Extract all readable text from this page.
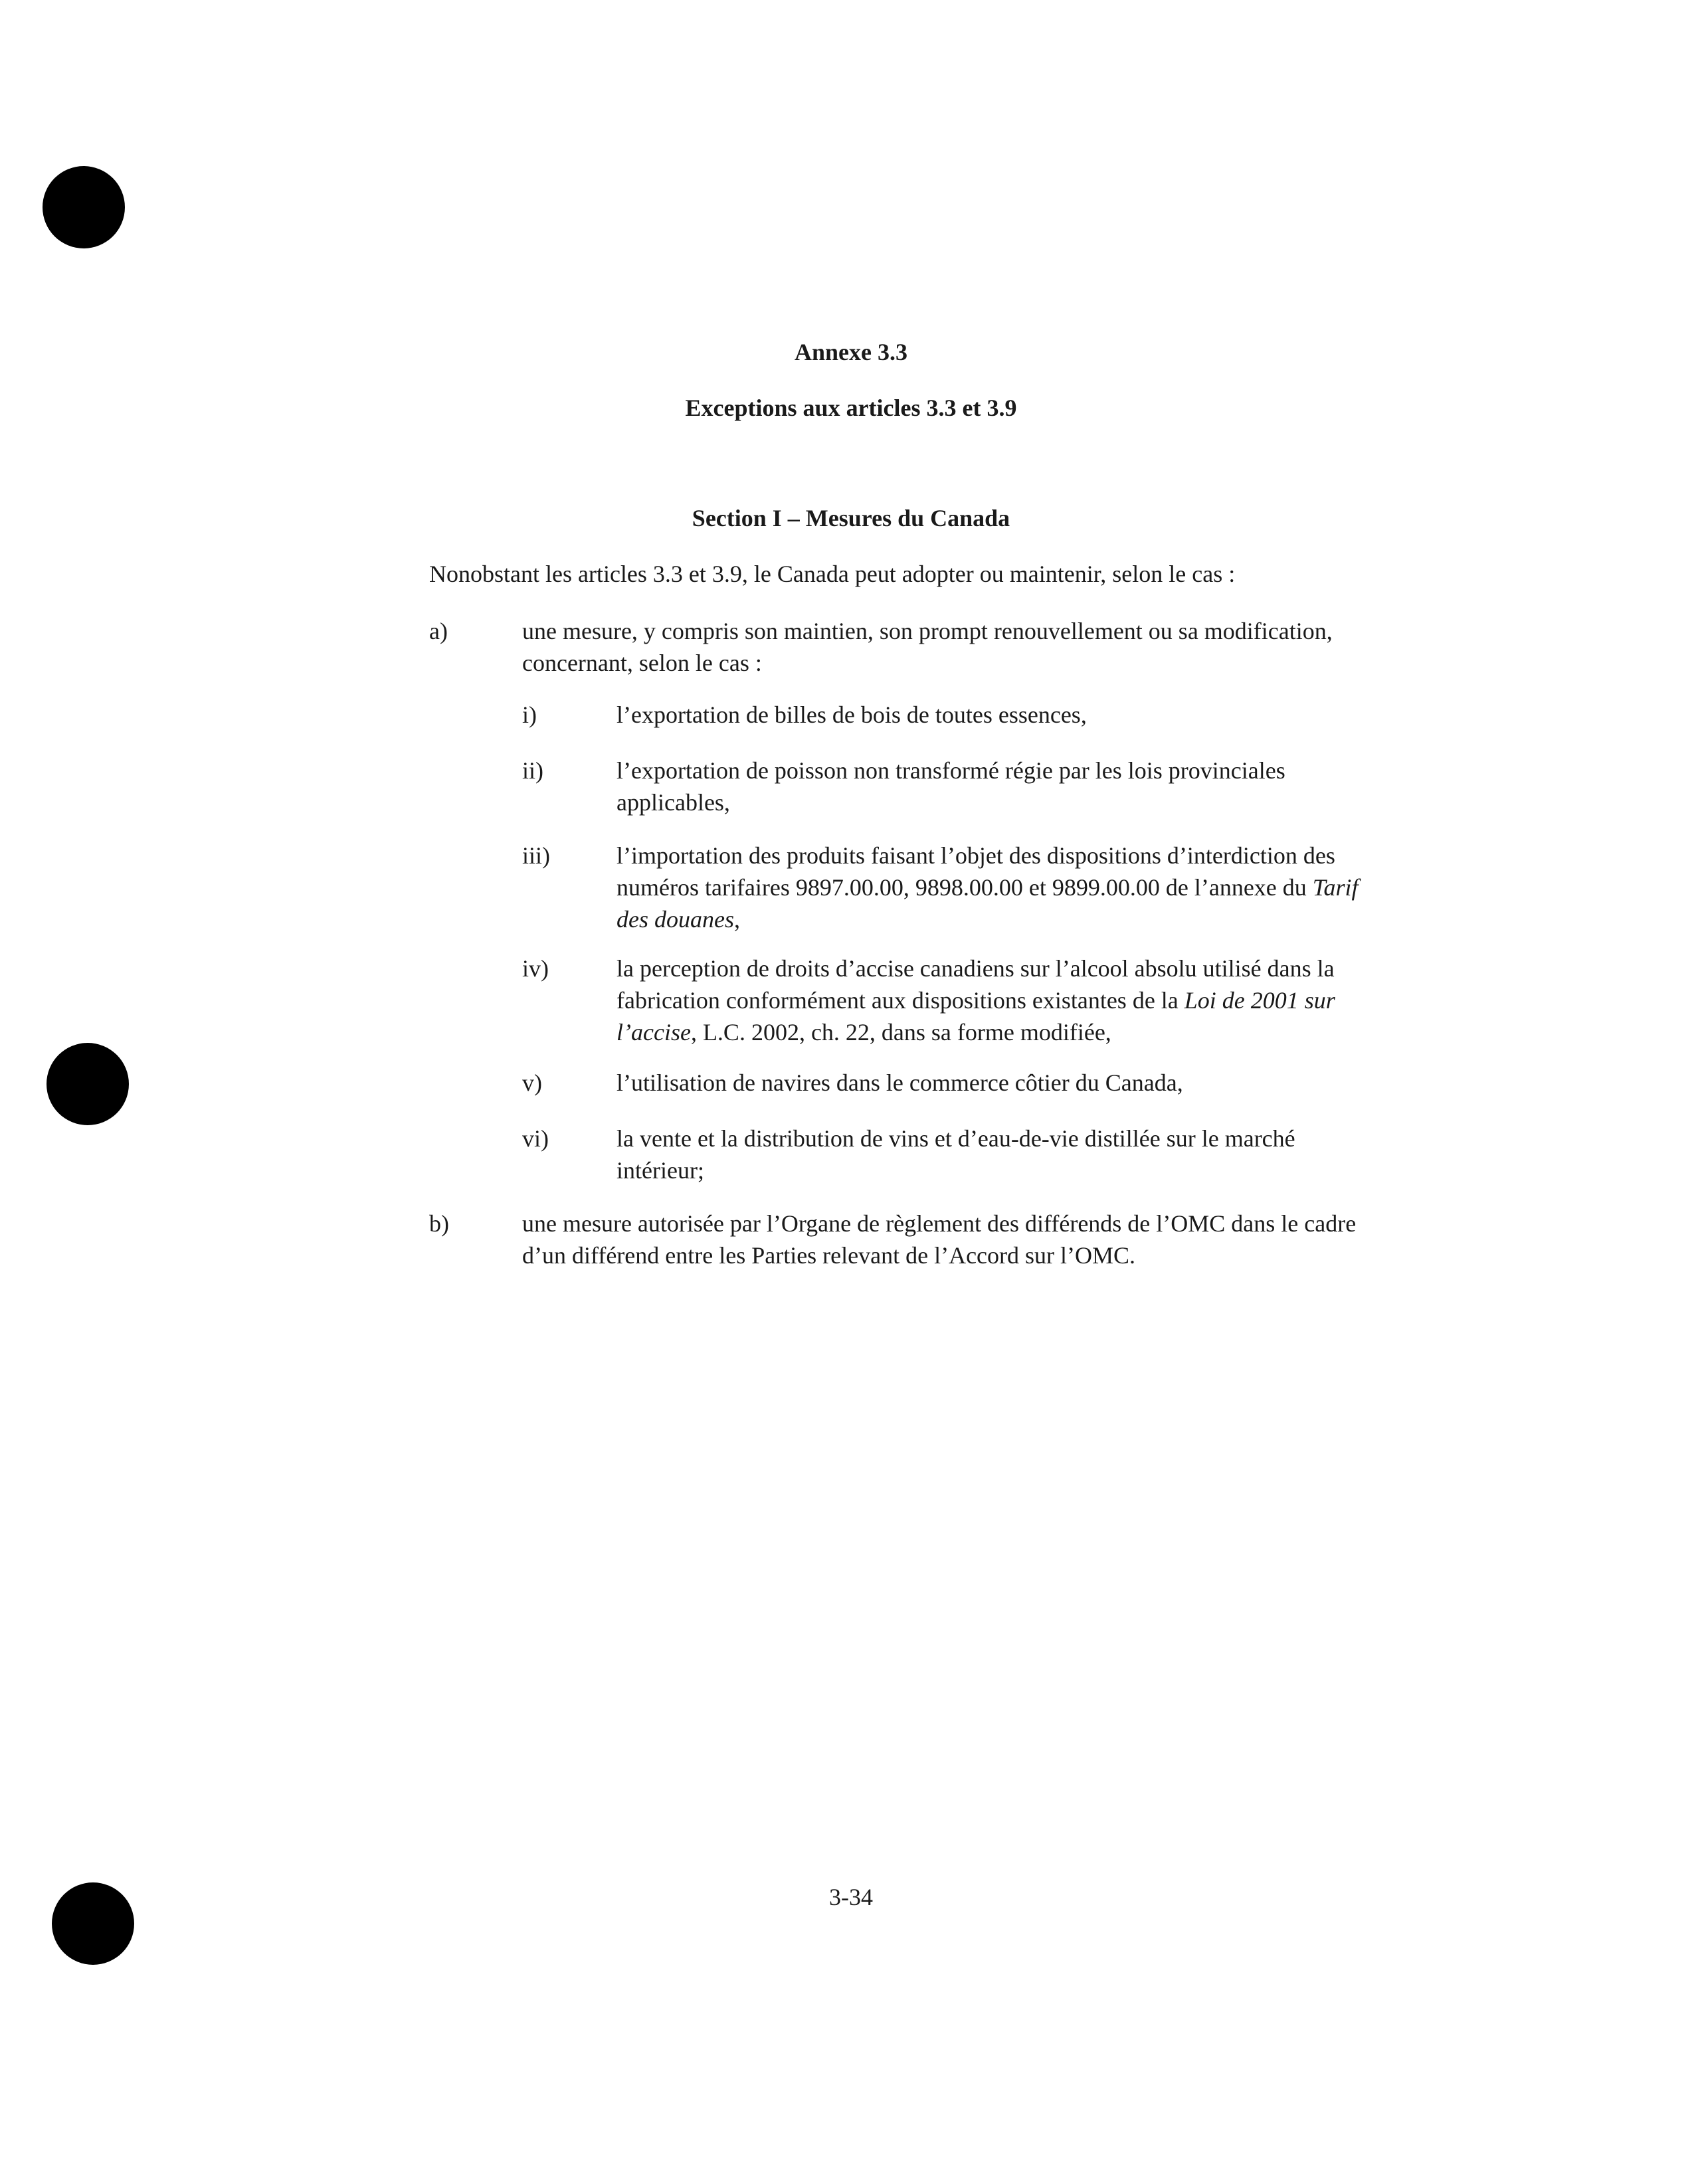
Annexe 3.3
Exceptions aux articles 3.3 et 3.9
Section I – Mesures du Canada
Nonobstant les articles 3.3 et 3.9, le Canada peut adopter ou maintenir, selon le cas :
a)	une mesure, y compris son maintien, son prompt renouvellement ou sa modification, concernant, selon le cas :
i)	l’exportation de billes de bois de toutes essences,
ii)	l’exportation de poisson non transformé régie par les lois provinciales applicables,
iii)	l’importation des produits faisant l’objet des dispositions d’interdiction des numéros tarifaires 9897.00.00, 9898.00.00 et 9899.00.00 de l’annexe du Tarif des douanes,
iv)	la perception de droits d’accise canadiens sur l’alcool absolu utilisé dans la fabrication conformément aux dispositions existantes de la Loi de 2001 sur l’accise, L.C. 2002, ch. 22, dans sa forme modifiée,
v)	l’utilisation de navires dans le commerce côtier du Canada,
vi)	la vente et la distribution de vins et d’eau-de-vie distillée sur le marché intérieur;
b)	une mesure autorisée par l’Organe de règlement des différends de l’OMC dans le cadre d’un différend entre les Parties relevant de l’Accord sur l’OMC.
3-34
